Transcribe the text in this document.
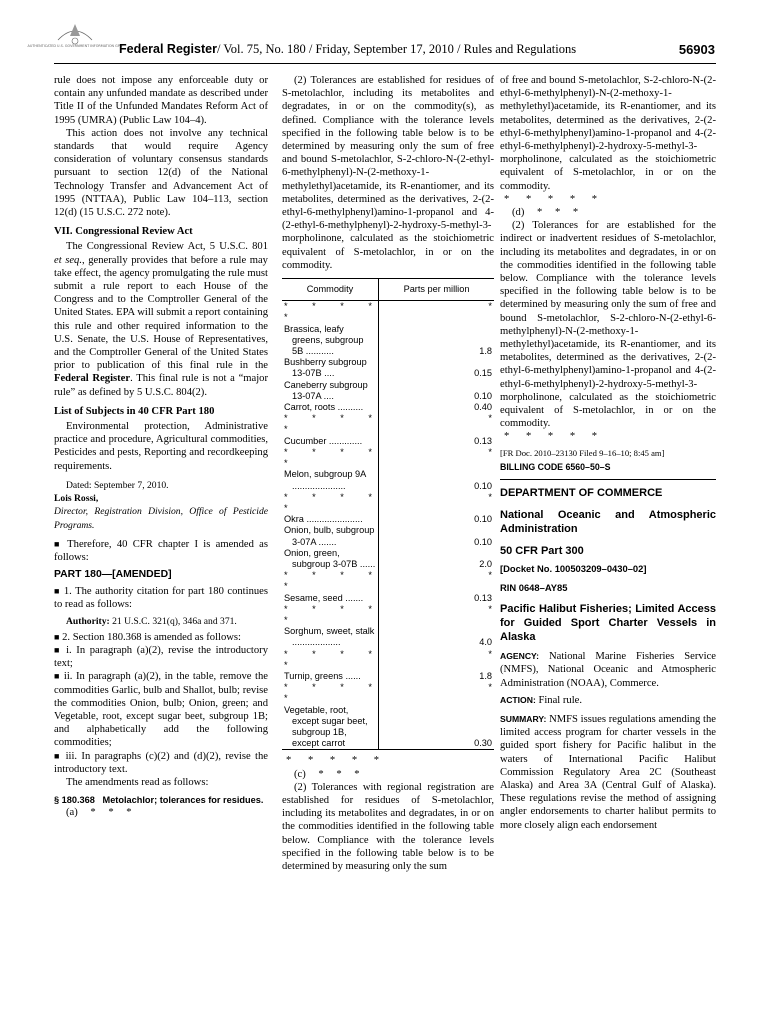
AUTHENTICATED U.S. GOVERNMENT INFORMATION GPO
Federal Register/ Vol. 75, No. 180 / Friday, September 17, 2010 / Rules and Regulations	56903

rule does not impose any enforceable duty or contain any unfunded mandate as described under Title II of the Unfunded Mandates Reform Act of 1995 (UMRA) (Public Law 104–4).

This action does not involve any technical standards that would require Agency consideration of voluntary consensus standards pursuant to section 12(d) of the National Technology Transfer and Advancement Act of 1995 (NTTAA), Public Law 104–113, section 12(d) (15 U.S.C. 272 note).

VII. Congressional Review Act

The Congressional Review Act, 5 U.S.C. 801 et seq., generally provides that before a rule may take effect, the agency promulgating the rule must submit a rule report to each House of the Congress and to the Comptroller General of the United States. EPA will submit a report containing this rule and other required information to the U.S. Senate, the U.S. House of Representatives, and the Comptroller General of the United States prior to publication of this final rule in the Federal Register. This final rule is not a “major rule” as defined by 5 U.S.C. 804(2).

List of Subjects in 40 CFR Part 180

Environmental protection, Administrative practice and procedure, Agricultural commodities, Pesticides and pests, Reporting and recordkeeping requirements.

Dated: September 7, 2010.

Lois Rossi,

Director, Registration Division, Office of Pesticide Programs.

■ Therefore, 40 CFR chapter I is amended as follows:

PART 180—[AMENDED]

■ 1. The authority citation for part 180 continues to read as follows:

Authority: 21 U.S.C. 321(q), 346a and 371.

■ 2. Section 180.368 is amended as follows:

■ i. In paragraph (a)(2), revise the introductory text;

■ ii. In paragraph (a)(2), in the table, remove the commodities Garlic, bulb and Shallot, bulb; revise the commodities Onion, bulb; Onion, green; and Vegetable, root, except sugar beet, subgroup 1B; and alphabetically add the following commodities;

■ iii. In paragraphs (c)(2) and (d)(2), revise the introductory text.

The amendments read as follows:

§ 180.368 Metolachlor; tolerances for residues.

(a) * * *

(2) Tolerances are established for residues of S-metolachlor, including its metabolites and degradates, in or on the commodity(s), as defined. Compliance with the tolerance levels specified in the following table below is to be determined by measuring only the sum of free and bound S-metolachlor, S-2-chloro-N-(2-ethyl-6-methylphenyl)-N-(2-methoxy-1-methylethyl)acetamide, its R-enantiomer, and its metabolites, determined as the derivatives, 2-(2-ethyl-6-methylphenyl)amino-1-propanol and 4-(2-ethyl-6-methylphenyl)-2-hydroxy-5-methyl-3-morpholinone, calculated as the stoichiometric equivalent of S-metolachlor, in or on the commodity.

Commodity	Parts per million
* * * * *	*
Brassica, leafy greens, subgroup 5B ...........	1.8
Bushberry subgroup 13-07B ....	0.15
Caneberry subgroup 13-07A ....	0.10
Carrot, roots ..........	0.40
* * * * *	*
Cucumber .............	0.13
* * * * *	*
Melon, subgroup 9A .....................	0.10
* * * * *	*
Okra ......................	0.10
Onion, bulb, subgroup 3-07A .......	0.10
Onion, green, subgroup 3-07B ......	2.0
* * * * *	*
Sesame, seed .......	0.13
* * * * *	*
Sorghum, sweet, stalk ...................	4.0
* * * * *	*
Turnip, greens ......	1.8
* * * * *	*
Vegetable, root, except sugar beet, subgroup 1B, except carrot	0.30

* * * * *

(c) * * *

(2) Tolerances with regional registration are established for residues of S-metolachlor, including its metabolites and degradates, in or on the commodities identified in the following table below. Compliance with the tolerance levels specified in the following table below is to be determined by measuring only the sum

of free and bound S-metolachlor, S-2-chloro-N-(2-ethyl-6-methylphenyl)-N-(2-methoxy-1-methylethyl)acetamide, its R-enantiomer, and its metabolites, determined as the derivatives, 2-(2-ethyl-6-methylphenyl)amino-1-propanol and 4-(2-ethyl-6-methylphenyl)-2-hydroxy-5-methyl-3-morpholinone, calculated as the stoichiometric equivalent of S-metolachlor, in or on the commodity.

* * * * *

(d) * * *

(2) Tolerances for are established for the indirect or inadvertent residues of S-metolachlor, including its metabolites and degradates, in or on the commodities identified in the following table below. Compliance with the tolerance levels specified in the following table below is to be determined by measuring only the sum of free and bound S-metolachlor, S-2-chloro-N-(2-ethyl-6-methylphenyl)-N-(2-methoxy-1-methylethyl)acetamide, its R-enantiomer, and its metabolites, determined as the derivatives, 2-(2-ethyl-6-methylphenyl)amino-1-propanol and 4-(2-ethyl-6-methylphenyl)-2-hydroxy-5-methyl-3-morpholinone, calculated as the stoichiometric equivalent of S-metolachlor, in or on the commodity.

* * * * *

[FR Doc. 2010–23130 Filed 9–16–10; 8:45 am]

BILLING CODE 6560–50–S

DEPARTMENT OF COMMERCE

National Oceanic and Atmospheric Administration

50 CFR Part 300

[Docket No. 100503209–0430–02]

RIN 0648–AY85

Pacific Halibut Fisheries; Limited Access for Guided Sport Charter Vessels in Alaska

AGENCY: National Marine Fisheries Service (NMFS), National Oceanic and Atmospheric Administration (NOAA), Commerce.

ACTION: Final rule.

SUMMARY: NMFS issues regulations amending the limited access program for charter vessels in the guided sport fishery for Pacific halibut in the waters of International Pacific Halibut Commission Regulatory Area 2C (Southeast Alaska) and Area 3A (Central Gulf of Alaska). These regulations revise the method of assigning angler endorsements to charter halibut permits to more closely align each endorsement
